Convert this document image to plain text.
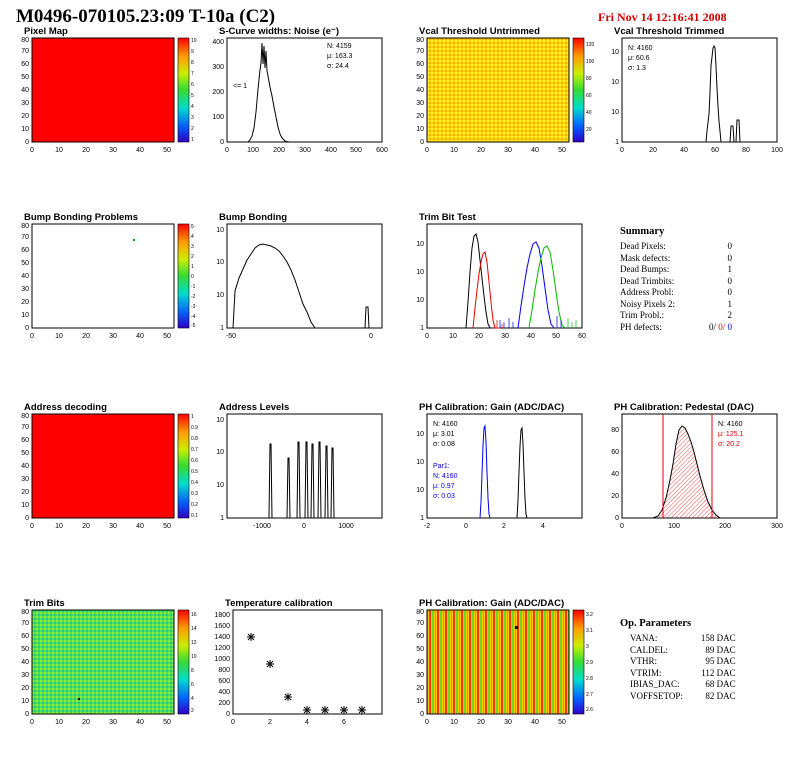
M0496-070105.23:09 T-10a (C2)	Fri Nov 14 12:16:41 2008
Pixel Map
0
10
20
30
40
50
60
70
80
0	10	20	30	40	50
10
9
8
7
6
5
4
3
2
1
S-Curve widths: Noise (e⁻)
0
100
200
300
400
0	100 200 300 400 500 600
<= 1
N: 4159
μ: 163.3
σ: 24.4
Vcal Threshold Untrimmed
0
10
20
30
40
50
60
70
80
0	10	20	30	40	50
120
100
80
60
40
20
Vcal Threshold Trimmed
1
10
10
10
0	20	40	60	80	100
N: 4160
μ: 60.6
σ: 1.3
Bump Bonding Problems
0
10
20
30
40
50
60
70
80
0	10	20	30	40	50
5
4
3
2
1
0
-1
-2
-3
-4
-5
Bump Bonding
1
10
10
10
-50	0
Trim Bit Test
1
10
10
10
0	10	20	30	40 50	60
Summary
Dead Pixels:	0
Mask defects:	0
Dead Bumps:	1
Dead Trimbits:	0
Address Probl:	0
Noisy Pixels 2:	1
Trim Probl.:	2
PH defects:	0/ 0/ 0
Address decoding
0
10
20
30
40
50
60
70
80
0	10	20	30	40	50
1
0.9
0.8
0.7
0.6
0.5
0.4
0.3
0.2
0.1
Address Levels
1
10
10
10
-1000	0	1000
PH Calibration: Gain (ADC/DAC)
1
10
10
10
-2	0	2	4
N: 4160
μ: 3.01
σ: 0.08
Par1:
N: 4160
μ: 0.97
σ: 0.03
PH Calibration: Pedestal (DAC)
0
20
40
60
80
0	100	200	300
N: 4160
μ: 125.1
σ: 20.2
Trim Bits
0
10
20
30
40
50
60
70
80
0	10	20	30	40	50
16
14
12
10
8
6
4
2
Temperature calibration
0
200
400
600
800
1000
1200
1400
1600
1800
0	2	4	6
PH Calibration: Gain (ADC/DAC)
0
10
20
30
40
50
60
70
80
0	10	20	30	40	50
3.2
3.1
3
2.9
2.8
2.7
2.6
Op. Parameters
VANA:	158 DAC
CALDEL:	89 DAC
VTHR:	95 DAC
VTRIM:	112 DAC
IBIAS_DAC:	68 DAC
VOFFSETOP:	82 DAC
